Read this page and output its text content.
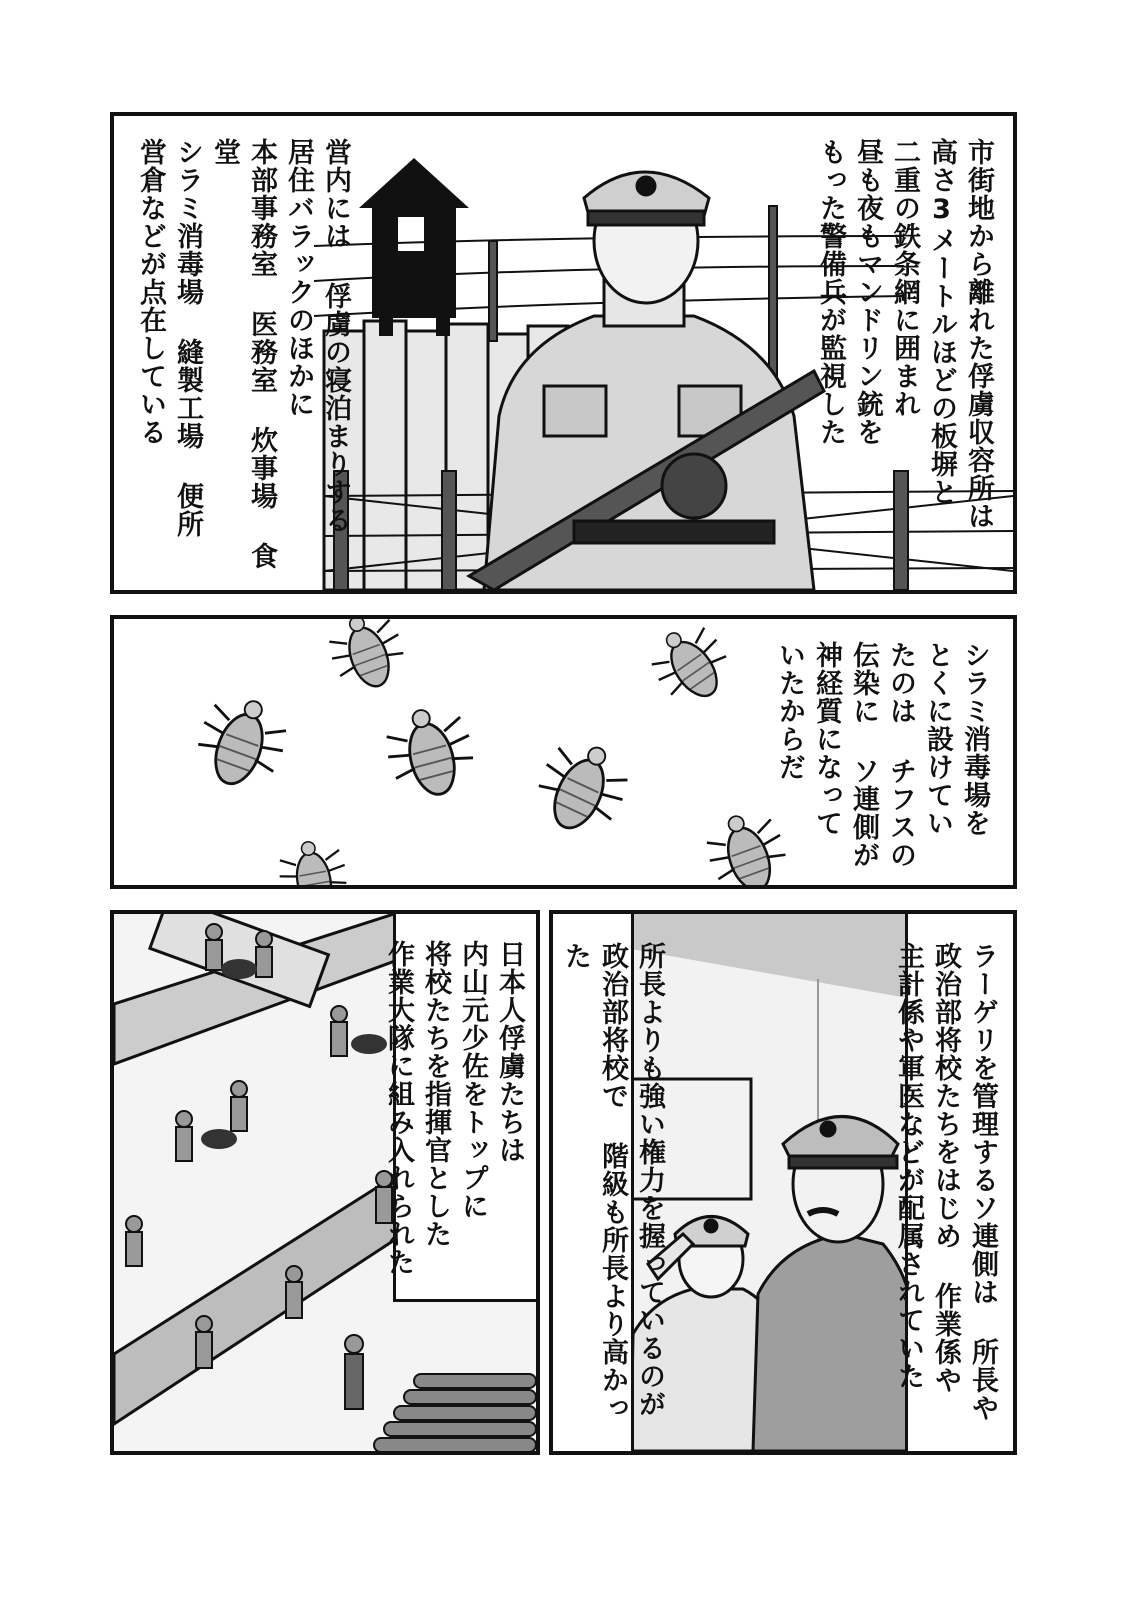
市街地から離れた俘虜収容所は
高さ3メートルほどの板塀と
二重の鉄条網に囲まれ
昼も夜もマンドリン銃を
もった警備兵が監視した
営内には 俘虜の寝泊まりする
居住バラックのほかに
本部事務室 医務室 炊事場 食堂
シラミ消毒場 縫製工場 便所
営倉などが点在している
シラミ消毒場を
とくに設けてい
たのは チフスの
伝染に ソ連側が
神経質になって
いたからだ
日本人俘虜たちは
内山元少佐をトップに
将校たちを指揮官とした
作業大隊に組み入れられた	ラーゲリを管理するソ連側は 所長や
政治部将校たちをはじめ 作業係や
主計係や軍医などが配属されていた
所長よりも強い権力を握っているのが
政治部将校で 階級も所長より高かった
